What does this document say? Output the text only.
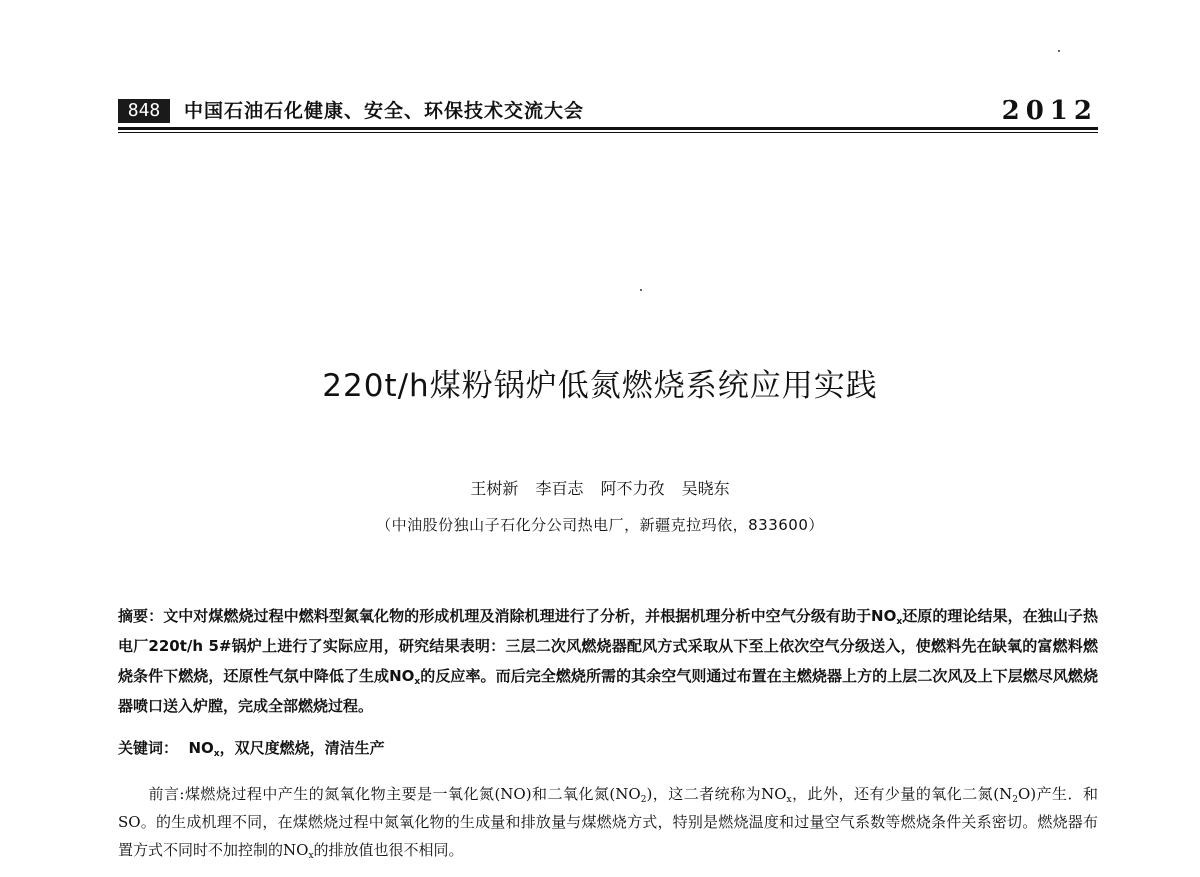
848	中国石油石化健康、安全、环保技术交流大会	2012
220t/h煤粉锅炉低氮燃烧系统应用实践
王树新 李百志 阿不力孜 吴晓东
（中油股份独山子石化分公司热电厂，新疆克拉玛依，833600）
摘要：文中对煤燃烧过程中燃料型氮氧化物的形成机理及消除机理进行了分析，并根据机理分析中空气分级有助于$NO_x$还原的理论结果，在独山子热电厂220t/h 5#锅炉上进行了实际应用，研究结果表明：三层二次风燃烧器配风方式采取从下至上依次空气分级送入，使燃料先在缺氧的富燃料燃烧条件下燃烧，还原性气氛中降低了生成$NO_x$的反应率。而后完全燃烧所需的其余空气则通过布置在主燃烧器上方的上层二次风及上下层燃尽风燃烧器喷口送入炉膛，完成全部燃烧过程。
关键词： $NO_x$，双尺度燃烧，清洁生产
前言:煤燃烧过程中产生的氮氧化物主要是一氧化氮(NO)和二氧化氮$(NO_2)$，这二者统称为$NO_x$，此外，还有少量的氧化二氮$(N_2O)$产生．和SO。的生成机理不同，在煤燃烧过程中氮氧化物的生成量和排放量与煤燃烧方式，特别是燃烧温度和过量空气系数等燃烧条件关系密切。燃烧器布置方式不同时不加控制的$NO_x$的排放值也很不相同。
